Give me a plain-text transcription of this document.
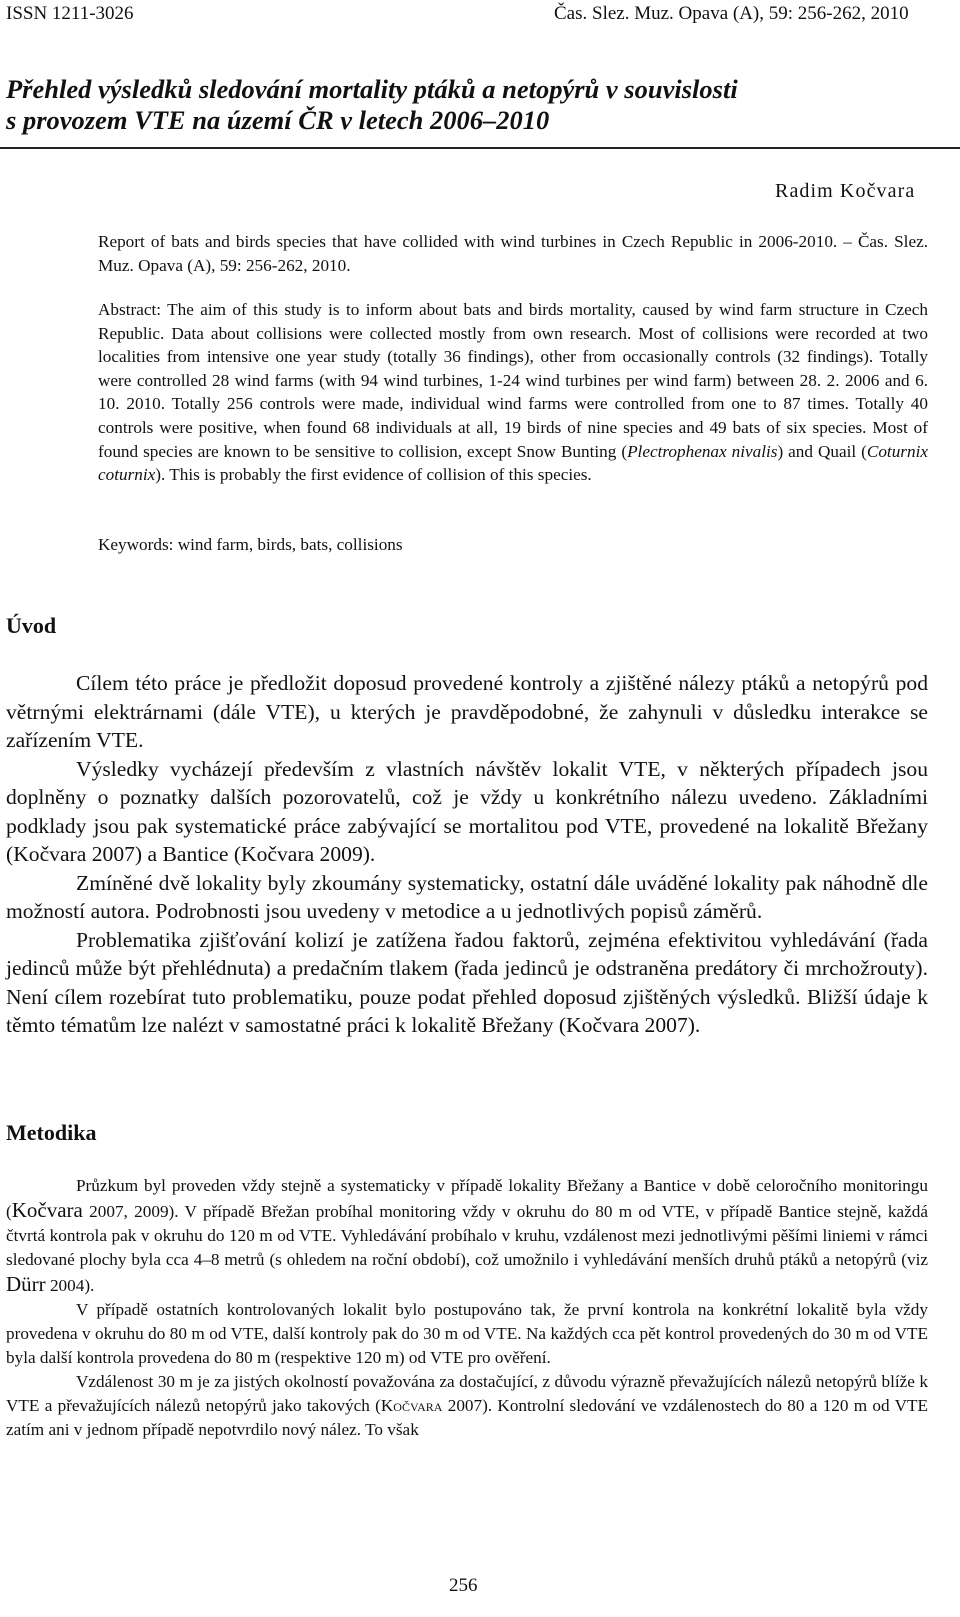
ISSN 1211-3026	Čas. Slez. Muz. Opava (A), 59: 256-262, 2010
Přehled výsledků sledování mortality ptáků a netopýrů v souvislosti
s provozem VTE na území ČR v letech 2006–2010
Radim Kočvara
Report of bats and birds species that have collided with wind turbines in Czech Republic in 2006-2010. – Čas. Slez. Muz. Opava (A), 59: 256-262, 2010.
Abstract: The aim of this study is to inform about bats and birds mortality, caused by wind farm structure in Czech Republic. Data about collisions were collected mostly from own research. Most of collisions were recorded at two localities from intensive one year study (totally 36 findings), other from occasionally controls (32 findings). Totally were controlled 28 wind farms (with 94 wind turbines, 1-24 wind turbines per wind farm) between 28. 2. 2006 and 6. 10. 2010. Totally 256 controls were made, individual wind farms were controlled from one to 87 times. Totally 40 controls were positive, when found 68 individuals at all, 19 birds of nine species and 49 bats of six species. Most of found species are known to be sensitive to collision, except Snow Bunting (Plectrophenax nivalis) and Quail (Coturnix coturnix). This is probably the first evidence of collision of this species.
Keywords: wind farm, birds, bats, collisions
Úvod

Cílem této práce je předložit doposud provedené kontroly a zjištěné nálezy ptáků a netopýrů pod větrnými elektrárnami (dále VTE), u kterých je pravděpodobné, že zahynuli v důsledku interakce se zařízením VTE.

Výsledky vycházejí především z vlastních návštěv lokalit VTE, v některých případech jsou doplněny o poznatky dalších pozorovatelů, což je vždy u konkrétního nálezu uvedeno. Základními podklady jsou pak systematické práce zabývající se mortalitou pod VTE, provedené na lokalitě Břežany (Kočvara 2007) a Bantice (Kočvara 2009).

Zmíněné dvě lokality byly zkoumány systematicky, ostatní dále uváděné lokality pak náhodně dle možností autora. Podrobnosti jsou uvedeny v metodice a u jednotlivých popisů záměrů.

Problematika zjišťování kolizí je zatížena řadou faktorů, zejména efektivitou vyhledávání (řada jedinců může být přehlédnuta) a predačním tlakem (řada jedinců je odstraněna predátory či mrchožrouty). Není cílem rozebírat tuto problematiku, pouze podat přehled doposud zjištěných výsledků. Bližší údaje k těmto tématům lze nalézt v samostatné práci k lokalitě Břežany (Kočvara 2007).

Metodika

Průzkum byl proveden vždy stejně a systematicky v případě lokality Břežany a Bantice v době celoročního monitoringu (Kočvara 2007, 2009). V případě Břežan probíhal monitoring vždy v okruhu do 80 m od VTE, v případě Bantice stejně, každá čtvrtá kontrola pak v okruhu do 120 m od VTE. Vyhledávání probíhalo v kruhu, vzdálenost mezi jednotlivými pěšími liniemi v rámci sledované plochy byla cca 4–8 metrů (s ohledem na roční období), což umožnilo i vyhledávání menších druhů ptáků a netopýrů (viz Dürr 2004).

V případě ostatních kontrolovaných lokalit bylo postupováno tak, že první kontrola na konkrétní lokalitě byla vždy provedena v okruhu do 80 m od VTE, další kontroly pak do 30 m od VTE. Na každých cca pět kontrol provedených do 30 m od VTE byla další kontrola provedena do 80 m (respektive 120 m) od VTE pro ověření.

Vzdálenost 30 m je za jistých okolností považována za dostačující, z důvodu výrazně převažujících nálezů netopýrů blíže k VTE a převažujících nálezů netopýrů jako takových (Kočvara 2007). Kontrolní sledování ve vzdálenostech do 80 a 120 m od VTE zatím ani v jednom případě nepotvrdilo nový nález. To však

256
